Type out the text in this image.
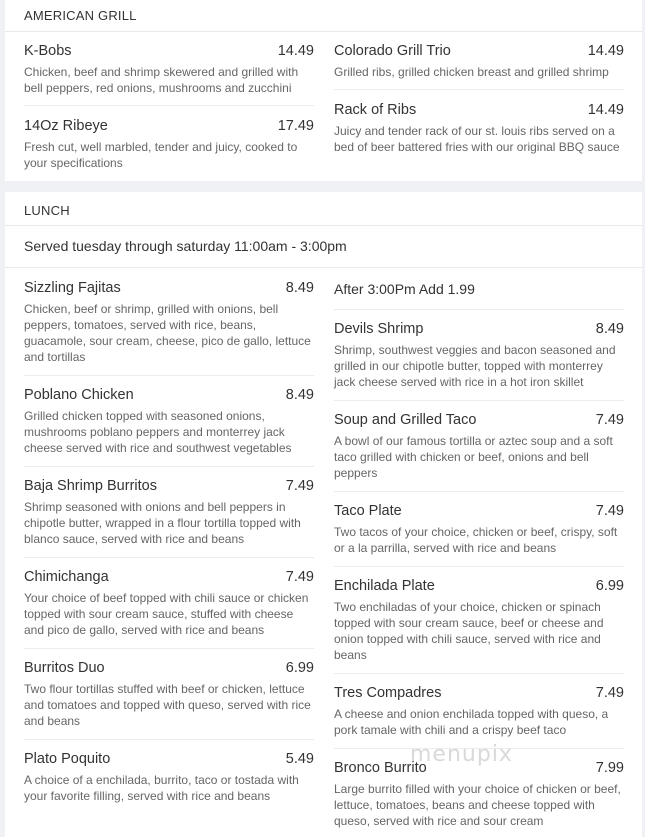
AMERICAN GRILL
K-Bobs	14.49
Chicken, beef and shrimp skewered and grilled with bell peppers, red onions, mushrooms and zucchini
14Oz Ribeye	17.49
Fresh cut, well marbled, tender and juicy, cooked to your specifications
Colorado Grill Trio	14.49
Grilled ribs, grilled chicken breast and grilled shrimp
Rack of Ribs	14.49
Juicy and tender rack of our st. louis ribs served on a bed of beer battered fries with our original BBQ sauce
LUNCH
Served tuesday through saturday 11:00am - 3:00pm
Sizzling Fajitas	8.49
Chicken, beef or shrimp, grilled with onions, bell peppers, tomatoes, served with rice, beans, guacamole, sour cream, cheese, pico de gallo, lettuce and tortillas
Poblano Chicken	8.49
Grilled chicken topped with seasoned onions, mushrooms poblano peppers and monterrey jack cheese served with rice and southwest vegetables
Baja Shrimp Burritos	7.49
Shrimp seasoned with onions and bell peppers in chipotle butter, wrapped in a flour tortilla topped with blanco sauce, served with rice and beans
Chimichanga	7.49
Your choice of beef topped with chili sauce or chicken topped with sour cream sauce, stuffed with cheese and pico de gallo, served with rice and beans
Burritos Duo	6.99
Two flour tortillas stuffed with beef or chicken, lettuce and tomatoes and topped with queso, served with rice and beans
Plato Poquito	5.49
A choice of a enchilada, burrito, taco or tostada with your favorite filling, served with rice and beans
After 3:00Pm Add 1.99
Devils Shrimp	8.49
Shrimp, southwest veggies and bacon seasoned and grilled in our chipotle butter, topped with monterrey jack cheese served with rice in a hot iron skillet
Soup and Grilled Taco	7.49
A bowl of our famous tortilla or aztec soup and a soft taco grilled with chicken or beef, onions and bell peppers
Taco Plate	7.49
Two tacos of your choice, chicken or beef, crispy, soft or a la parrilla, served with rice and beans
Enchilada Plate	6.99
Two enchiladas of your choice, chicken or spinach topped with sour cream sauce, beef or cheese and onion topped with chili sauce, served with rice and beans
Tres Compadres	7.49
A cheese and onion enchilada topped with queso, a pork tamale with chili and a crispy beef taco
Bronco Burrito	7.99
Large burrito filled with your choice of chicken or beef, lettuce, tomatoes, beans and cheese topped with queso, served with rice and sour cream
menupix
